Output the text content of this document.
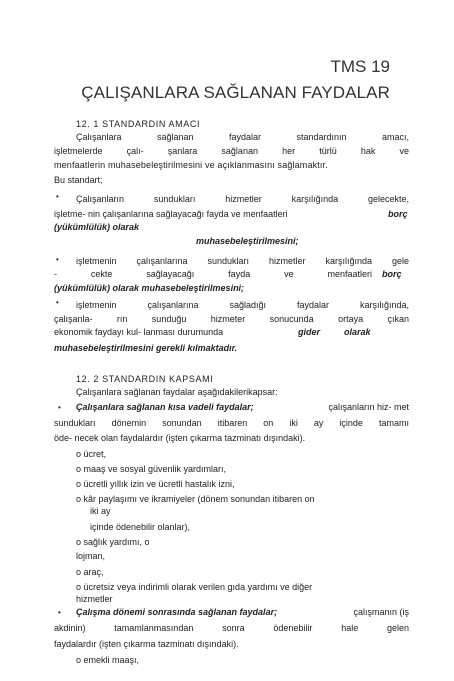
TMS 19
ÇALIŞANLARA SAĞLANAN FAYDALAR
12. 1 STANDARDIN AMACI
Çalışanlara sağlanan faydalar standardının amacı,
işletmelerde çalı- şanlara sağlanan her türlü hak ve
menfaatlerin muhasebeleştirilmesini ve açıklanmasını sağlamaktır.
Bu standart;
• Çalışanların sundukları hizmetler karşılığında gelecekte,
işletme- nin çalışanlarına sağlayacağı fayda ve menfaatleri	borç
(yükümlülük) olarak
muhasebeleştirilmesini;
• işletmenin çalışanlarına sundukları hizmetler karşılığında gele
- cekte sağlayacağı fayda ve menfaatleri borç
(yükümlülük) olarak muhasebeleştirilmesini;
• işletmenin çalışanlarına sağladığı faydalar karşılığında,
çalışanla- rın sunduğu hizmeter sonucunda ortaya çıkan
ekonomik faydayı kul- lanması durumunda	gider	olarak
muhasebeleştirilmesini gerekli kılmaktadır.
12. 2 STANDARDIN KAPSAMI
Çalışanlara sağlanan faydalar aşağıdakilerikapsar:
• Çalışanlara sağlanan kısa vadeli faydalar;	çalışanların hiz- met
sundukları dönemin sonundan itibaren on iki ay içinde tamamı
öde- necek olan faydalardır (işten çıkarma tazminatı dışındaki).
o ücret,
o maaş ve sosyal güvenlik yardımları,
o ücretli yıllık izin ve ücretli hastalık izni,
o kâr paylaşımı ve ikramiyeler (dönem sonundan itibaren on
iki ay
içinde ödenebilir olanlar),
o sağlık yardımı, o
lojman,
o araç,
o ücretsiz veya indirimli olarak verilen gıda yardımı ve diğer
hizmetler
• Çalışma dönemi sonrasında sağlanan faydalar;	çalışmanın (iş
akdinin) tamamlanmasından sonra ödenebilir hale gelen
faydalardır (işten çıkarma tazminatı dışındaki).
o emekli maaşı,
